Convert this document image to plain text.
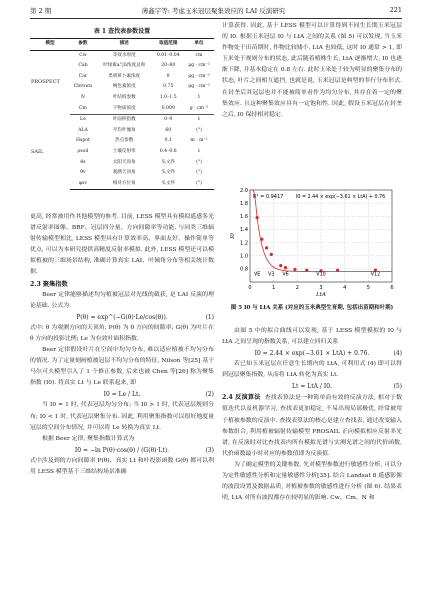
第 2 期	薄鑫宇等: 考虑玉米冠层聚集效应的 LAI 反演研究	221
表 1 查找表参数设置
模型	参数	描述	取值范围	单位
PROSPECT	Cw	等效水厚度	0.01–0.04	cm
	Cab	叶绿素a与b浓度总和	20–80	μg · cm⁻²
	Car	类胡萝卜素浓度	8	μg · cm⁻²
	Cbrown	褐色素浓度	0.75	μg · cm⁻²
	N	叶结构参数	1.0–1.5	1
	Cm	干物质浓度	0.009	g · cm⁻²
SAIL	Le	叶面积指数	0–9	1
	ALA	平均叶倾角	60	(°)
	Hspot	热点参数	0.1	m · m⁻¹
	ρsoil	土壤反射率	0.4–0.8	1
	θs	太阳天顶角	头文件	(°)
	θv	观测天顶角	头文件	(°)
	φsv	相对方位角	头文件	(°)

更高, 经常被用作其他模型的参考. 目前, LESS 模型具有模拟遥感多光谱反射率图像、BRF、冠层四分量、方向间隙率等功能. 与同类三维辐射传输模型相比, LESS 模型具有计算效率高、界面友好、操作简单等优点, 可以为本研究提供高精度反射率模拟. 此外, LESS 模型还可以模拟植被的三维场景结构, 准确计算真实 LAI、叶倾角分布等相关统计数据.

2.3 聚集指数

Beer 定律能够描述均匀植被冠层对光线的截获, 是 LAI 反演的理论基础. 公式为

P(θ) = exp^(−G(θ)·Le/cos(θ)).	(1)

式中: θ 为观测方向的天顶角; P(θ) 为 θ 方向的间隙率; G(θ) 为叶片在 θ 方向的投影比例; Le 为有效叶面积指数.

Beer 定律假设叶片在空间中均匀分布, 难以适应植被不均匀分布的情况. 为了定量刻画植被冠层不均匀分布的特征, Nilson 等[25] 基于马尔可夫模型引入了 1 个修正参数, 后来也被 Chen 等[26] 称为聚集指数 (I0). 将真实 Lt 与 Le 联系起来, 即

I0 = Le / Lt.	(2)

当 I0 = 1 时, 代表冠层均匀分布; 当 I0 > 1 时, 代表冠层规则分布; I0 < 1 时, 代表冠层聚集分布. 因此, 利用聚集指数可以很好地度量冠层的空间分布情况, 并可以将 Le 转换为真实 Lt.

根据 Beer 定律, 聚集指数计算式为

I0 = −ln P(θ)·cos(θ) / (G(θ)·Lt).	(3)

式中涉及到的方向间隙率 P(θ)、真实 Lt 和叶投影函数 G(θ) 都可以利用 LESS 模型基于三维结构场景准确

计算获得. 因此, 基于 LESS 模型可以计算得到不同生长期玉米冠层的 I0. 根据玉米冠层 I0 与 LtA 之间的关系 (图 5) 可以发现, 当玉米作物处于出苗期时, 作物比较矮小, LtA 也较低, 这时 I0 通常 > 1, 即玉米处于规则分布的状态, 此后随着植株生长, LtA 逐渐增大, I0 也逐渐下降, 并基本稳定在 0.8 左右. 此时玉米处于较为明显的聚集分布的状态, 叶片之间相互遮挡, 也就是说, 玉米冠层是典型的非行分布形式. 在封垄后其冠层也并不能被简单看作为均匀分布, 其存在着一定的聚集效应. 且这种聚集效应具有一定饱和性. 因此, 假设玉米冠层在封垄之后, I0 保持相对稳定.

0.8
1.0
1.2
1.4
1.6
1.8
2.0
0	1	2	3	4	5	6
R² = 0.9417	I0 = 2.44 × exp(−3.61 × LtA) + 0.76
VE V3 V6	V10	V12
I0
LtA
图 5 I0 与 LtA 关系 (对应的玉米典型生育期, 包括出苗期和叶期)

由图 5 中的拟合曲线可以发现, 基于 LESS 模型模拟的 I0 与 LtA 之间呈现的指数关系, 可以建立回归关系

I0 = 2.44 × exp(−3.61 × LtA) + 0.76.	(4)

若已知玉米冠层在任意生长期内的 LtA, 可利用式 (4) 即可以得到冠层聚集指数, 从而将 LtA 转化为真实 Lt.

Lt = LtA / I0.	(5)

2.4 反演算法 查找表算法是一种简单而有效的反演方法, 相对于数值迭代以及机器学习, 查找表更加稳定, 不易出现局部极优, 经常被用于植被参数的反演中. 查找表算法的核心是建立查找表, 通过改变输入参数组合, 利用植被辐射传输模型 PROSAIL 正向模拟相应反射率光谱, 在反演时对比查找表内所有模拟光谱与实测光谱之间的代价函数, 代价函数最小时对应的参数值即为反演值.

为了确定模型的关键参数, 先对模型参数进行敏感性分析, 可以分为定性敏感性分析和定量敏感性分析[35]. 结合 Landsat 8 遥感影像的波段设置及数据品质, 对植被参数的敏感性进行分析 (图 6). 结果表明, LtA 对所有波段都存在较明显的影响. Cw、Cm、N 和
